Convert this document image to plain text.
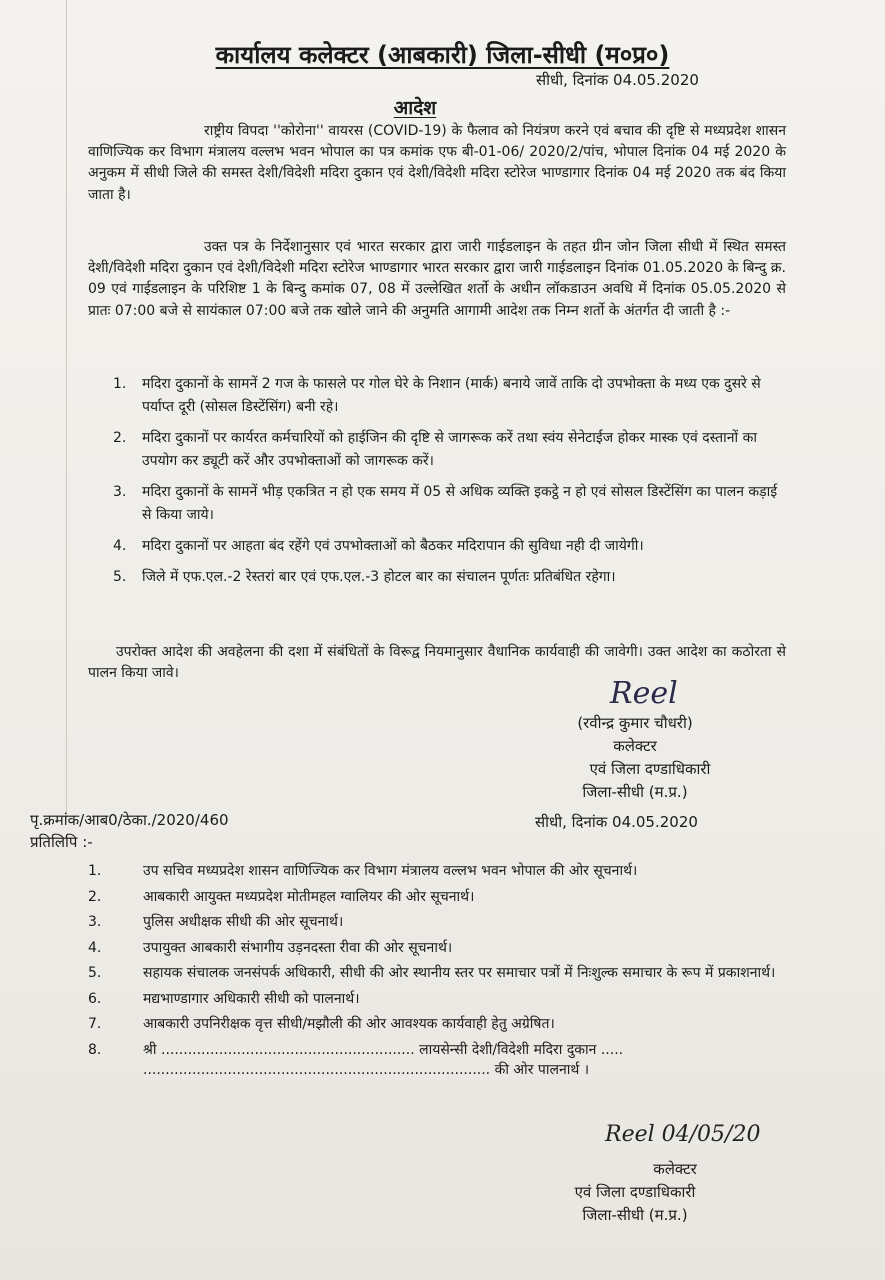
कार्यालय कलेक्टर (आबकारी) जिला-सीधी (म०प्र०)
सीधी, दिनांक 04.05.2020
आदेश
राष्ट्रीय विपदा ''कोरोना'' वायरस (COVID-19) के फैलाव को नियंत्रण करने एवं बचाव की दृष्टि से मध्यप्रदेश शासन वाणिज्यिक कर विभाग मंत्रालय वल्लभ भवन भोपाल का पत्र कमांक एफ बी-01-06/ 2020/2/पांच, भोपाल दिनांक 04 मई 2020 के अनुकम में सीधी जिले की समस्त देशी/विदेशी मदिरा दुकान एवं देशी/विदेशी मदिरा स्टोरेज भाण्डागार दिनांक 04 मई 2020 तक बंद किया जाता है।
उक्त पत्र के निर्देशानुसार एवं भारत सरकार द्वारा जारी गाईडलाइन के तहत ग्रीन जोन जिला सीधी में स्थित समस्त देशी/विदेशी मदिरा दुकान एवं देशी/विदेशी मदिरा स्टोरेज भाण्डागार भारत सरकार द्वारा जारी गाईडलाइन दिनांक 01.05.2020 के बिन्दु क्र. 09 एवं गाईडलाइन के परिशिष्ट 1 के बिन्दु कमांक 07, 08 में उल्लेखित शर्तो के अधीन लॉकडाउन अवधि में दिनांक 05.05.2020 से प्रातः 07:00 बजे से सायंकाल 07:00 बजे तक खोले जाने की अनुमति आगामी आदेश तक निम्न शर्तो के अंतर्गत दी जाती है :-
1. मदिरा दुकानों के सामनें 2 गज के फासले पर गोल घेरे के निशान (मार्क) बनाये जावें ताकि दो उपभोक्ता के मध्य एक दुसरे से पर्याप्त दूरी (सोसल डिस्टेंसिंग) बनी रहे।
2. मदिरा दुकानों पर कार्यरत कर्मचारियों को हाईजिन की दृष्टि से जागरूक करें तथा स्वंय सेनेटाईज होकर मास्क एवं दस्तानों का उपयोग कर ड्यूटी करें और उपभोक्ताओं को जागरूक करें।
3. मदिरा दुकानों के सामनें भीड़ एकत्रित न हो एक समय में 05 से अधिक व्यक्ति इकट्ठे न हो एवं सोसल डिस्टेंसिंग का पालन कड़ाई से किया जाये।
4. मदिरा दुकानों पर आहता बंद रहेंगे एवं उपभोक्ताओं को बैठकर मदिरापान की सुविधा नही दी जायेगी।
5. जिले में एफ.एल.-2 रेस्तरां बार एवं एफ.एल.-3 होटल बार का संचालन पूर्णतः प्रतिबंधित रहेगा।
उपरोक्त आदेश की अवहेलना की दशा में संबंधितों के विरूद्व नियमानुसार वैधानिक कार्यवाही की जावेगी। उक्त आदेश का कठोरता से पालन किया जावे।
Reel
(रवीन्द्र कुमार चौधरी)
कलेक्टर
एवं जिला दण्डाधिकारी
जिला-सीधी (म.प्र.)
पृ.क्रमांक/आब0/ठेका./2020/460	सीधी, दिनांक 04.05.2020
प्रतिलिपि :-
1.	उप सचिव मध्यप्रदेश शासन वाणिज्यिक कर विभाग मंत्रालय वल्लभ भवन भोपाल की ओर सूचनार्थ।
2.	आबकारी आयुक्त मध्यप्रदेश मोतीमहल ग्वालियर की ओर सूचनार्थ।
3.	पुलिस अधीक्षक सीधी की ओर सूचनार्थ।
4.	उपायुक्त आबकारी संभागीय उड़नदस्ता रीवा की ओर सूचनार्थ।
5.	सहायक संचालक जनसंपर्क अधिकारी, सीधी की ओर स्थानीय स्तर पर समाचार पत्रों में निःशुल्क समाचार के रूप में प्रकाशनार्थ।
6.	मद्यभाण्डागार अधिकारी सीधी को पालनार्थ।
7.	आबकारी उपनिरीक्षक वृत्त सीधी/मझौली की ओर आवश्यक कार्यवाही हेतु अग्रेषित।
8.	श्री ......................................................... लायसेन्सी देशी/विदेशी मदिरा दुकान ..... .............................................................................. की ओर पालनार्थ ।
Reel 04/05/20
कलेक्टर
एवं जिला दण्डाधिकारी
जिला-सीधी (म.प्र.)
